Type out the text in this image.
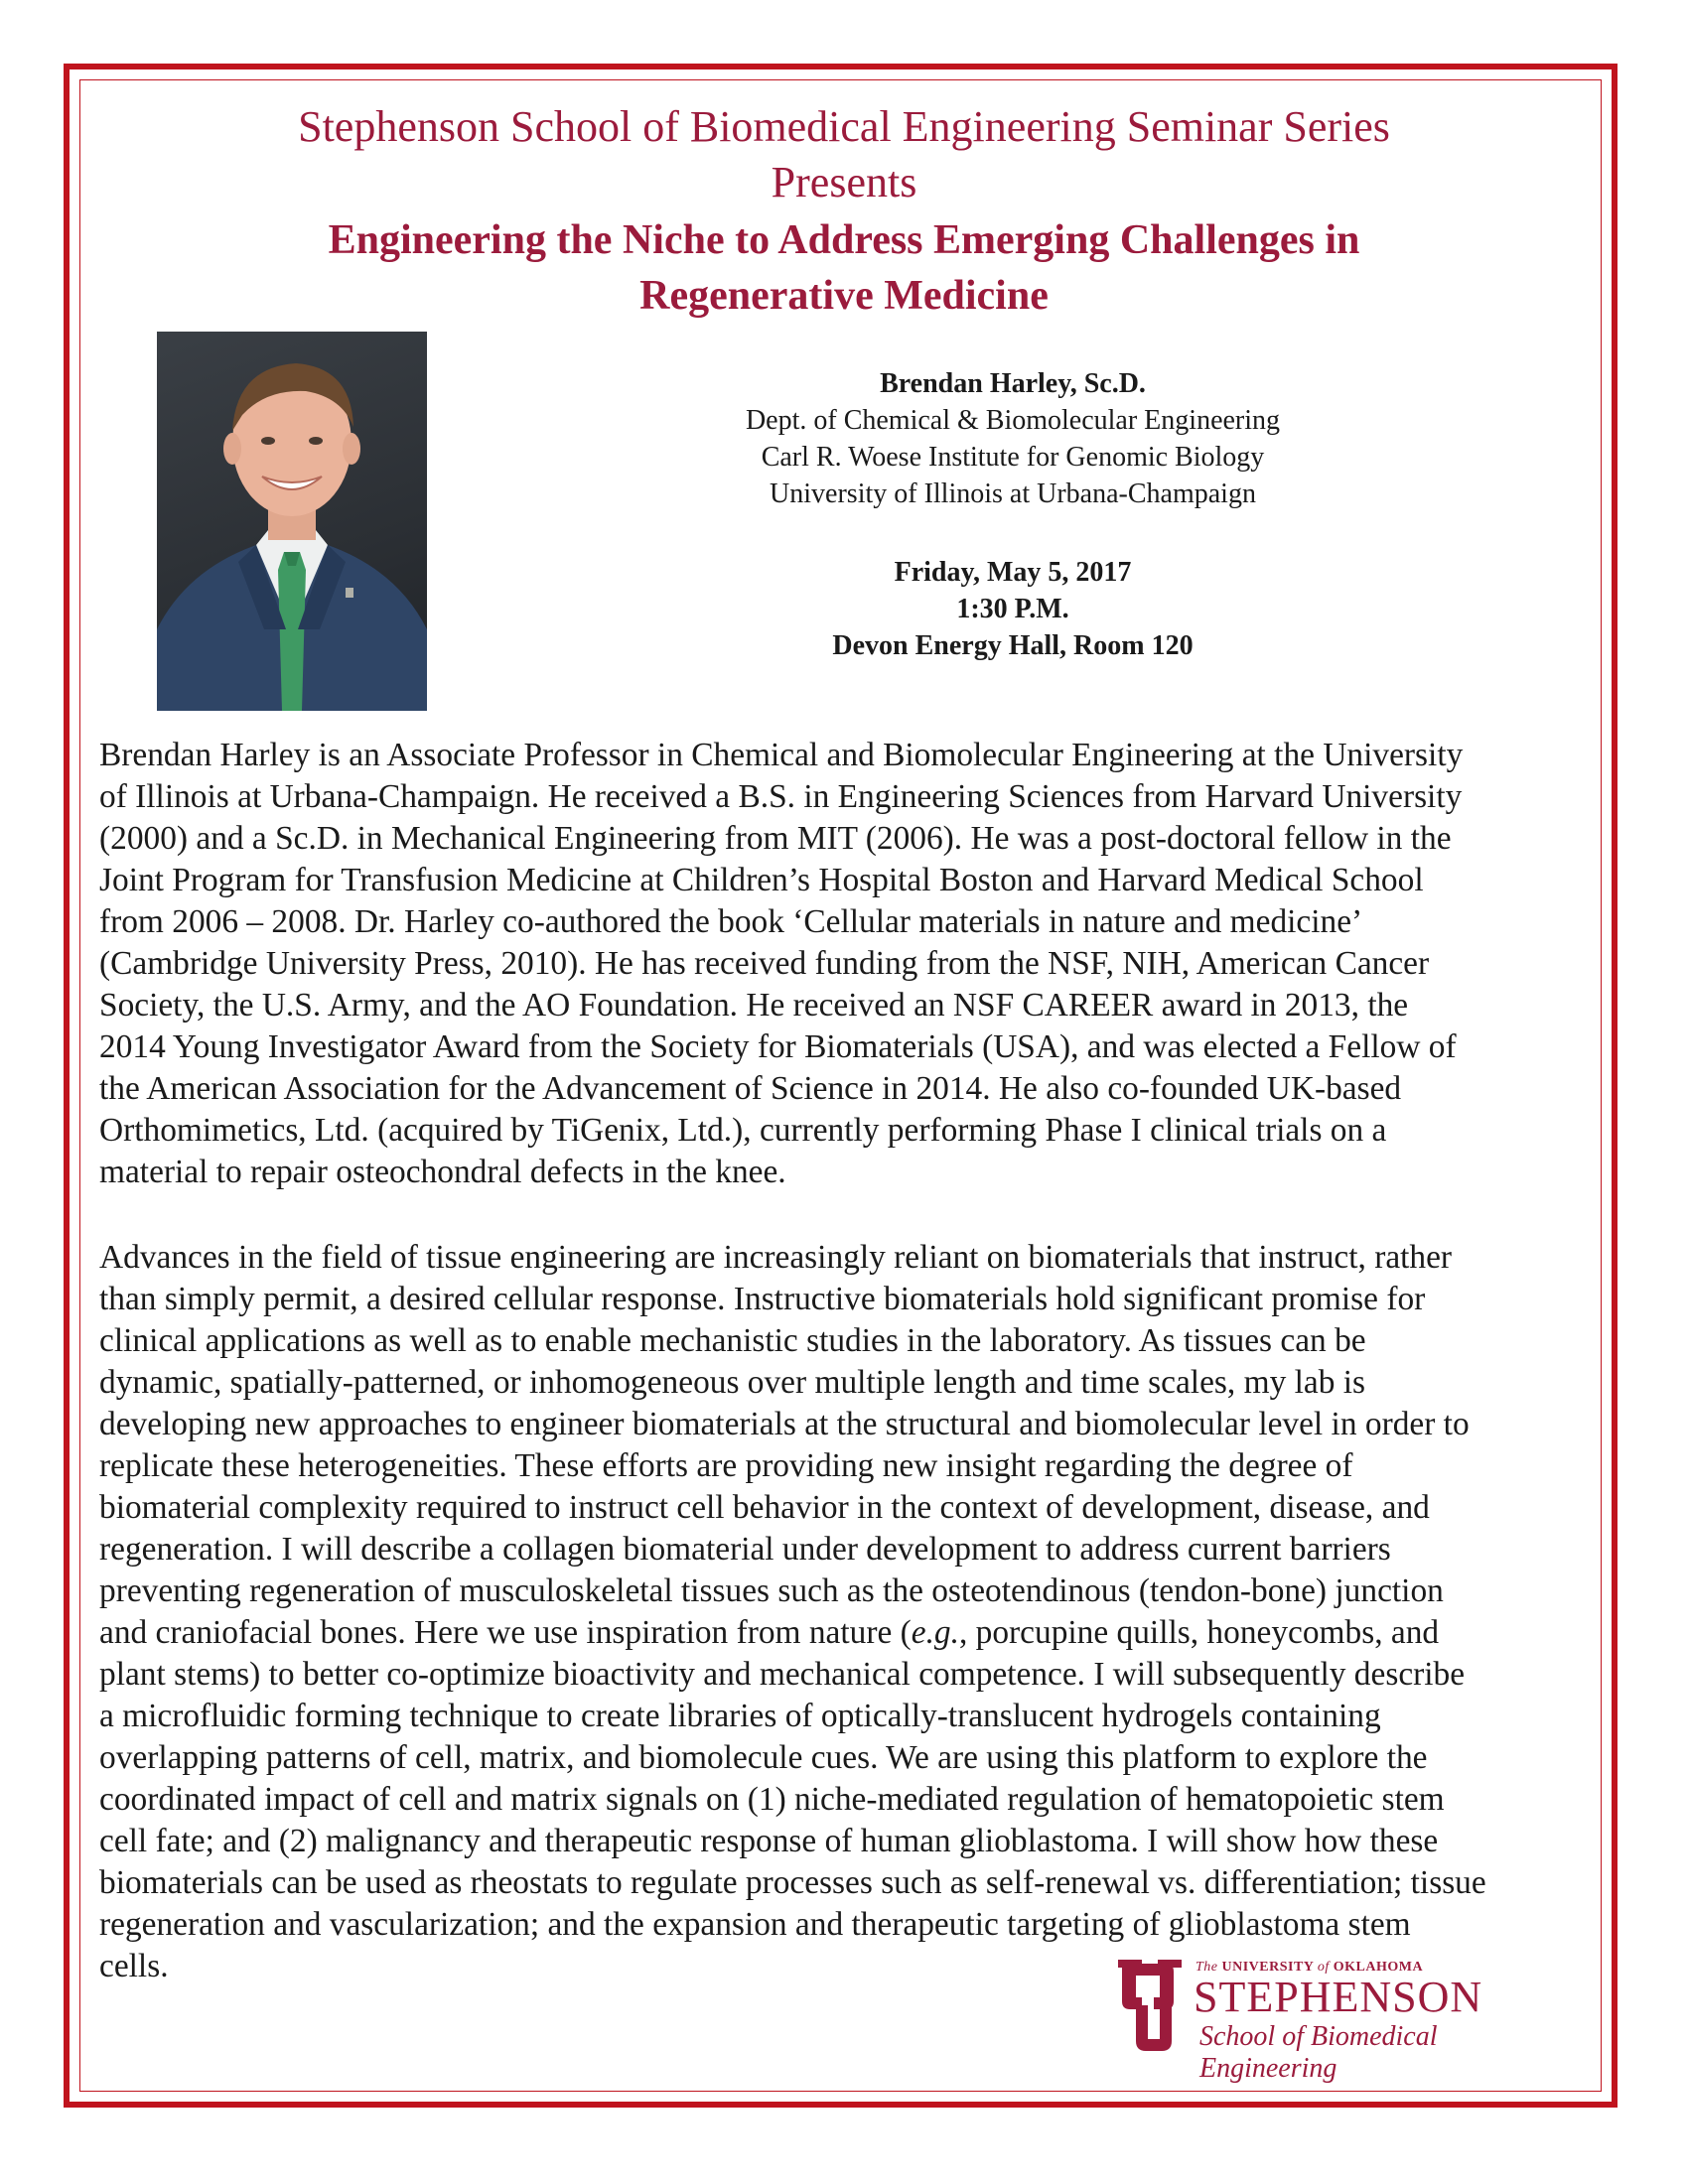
Stephenson School of Biomedical Engineering Seminar Series
Presents
Engineering the Niche to Address Emerging Challenges in
Regenerative Medicine
Brendan Harley, Sc.D.
Dept. of Chemical & Biomolecular Engineering
Carl R. Woese Institute for Genomic Biology
University of Illinois at Urbana-Champaign
Friday, May 5, 2017
1:30 P.M.
Devon Energy Hall, Room 120
Brendan Harley is an Associate Professor in Chemical and Biomolecular Engineering at the University
of Illinois at Urbana-Champaign. He received a B.S. in Engineering Sciences from Harvard University
(2000) and a Sc.D. in Mechanical Engineering from MIT (2006). He was a post-doctoral fellow in the
Joint Program for Transfusion Medicine at Children’s Hospital Boston and Harvard Medical School
from 2006 – 2008. Dr. Harley co-authored the book ‘Cellular materials in nature and medicine’
(Cambridge University Press, 2010). He has received funding from the NSF, NIH, American Cancer
Society, the U.S. Army, and the AO Foundation. He received an NSF CAREER award in 2013, the
2014 Young Investigator Award from the Society for Biomaterials (USA), and was elected a Fellow of
the American Association for the Advancement of Science in 2014. He also co-founded UK-based
Orthomimetics, Ltd. (acquired by TiGenix, Ltd.), currently performing Phase I clinical trials on a
material to repair osteochondral defects in the knee.
Advances in the field of tissue engineering are increasingly reliant on biomaterials that instruct, rather
than simply permit, a desired cellular response. Instructive biomaterials hold significant promise for
clinical applications as well as to enable mechanistic studies in the laboratory. As tissues can be
dynamic, spatially-patterned, or inhomogeneous over multiple length and time scales, my lab is
developing new approaches to engineer biomaterials at the structural and biomolecular level in order to
replicate these heterogeneities. These efforts are providing new insight regarding the degree of
biomaterial complexity required to instruct cell behavior in the context of development, disease, and
regeneration. I will describe a collagen biomaterial under development to address current barriers
preventing regeneration of musculoskeletal tissues such as the osteotendinous (tendon-bone) junction
and craniofacial bones. Here we use inspiration from nature (e.g., porcupine quills, honeycombs, and
plant stems) to better co-optimize bioactivity and mechanical competence. I will subsequently describe
a microfluidic forming technique to create libraries of optically-translucent hydrogels containing
overlapping patterns of cell, matrix, and biomolecule cues. We are using this platform to explore the
coordinated impact of cell and matrix signals on (1) niche-mediated regulation of hematopoietic stem
cell fate; and (2) malignancy and therapeutic response of human glioblastoma. I will show how these
biomaterials can be used as rheostats to regulate processes such as self-renewal vs. differentiation; tissue
regeneration and vascularization; and the expansion and therapeutic targeting of glioblastoma stem
cells.	The UNIVERSITY of OKLAHOMA
STEPHENSON
School of Biomedical Engineering
